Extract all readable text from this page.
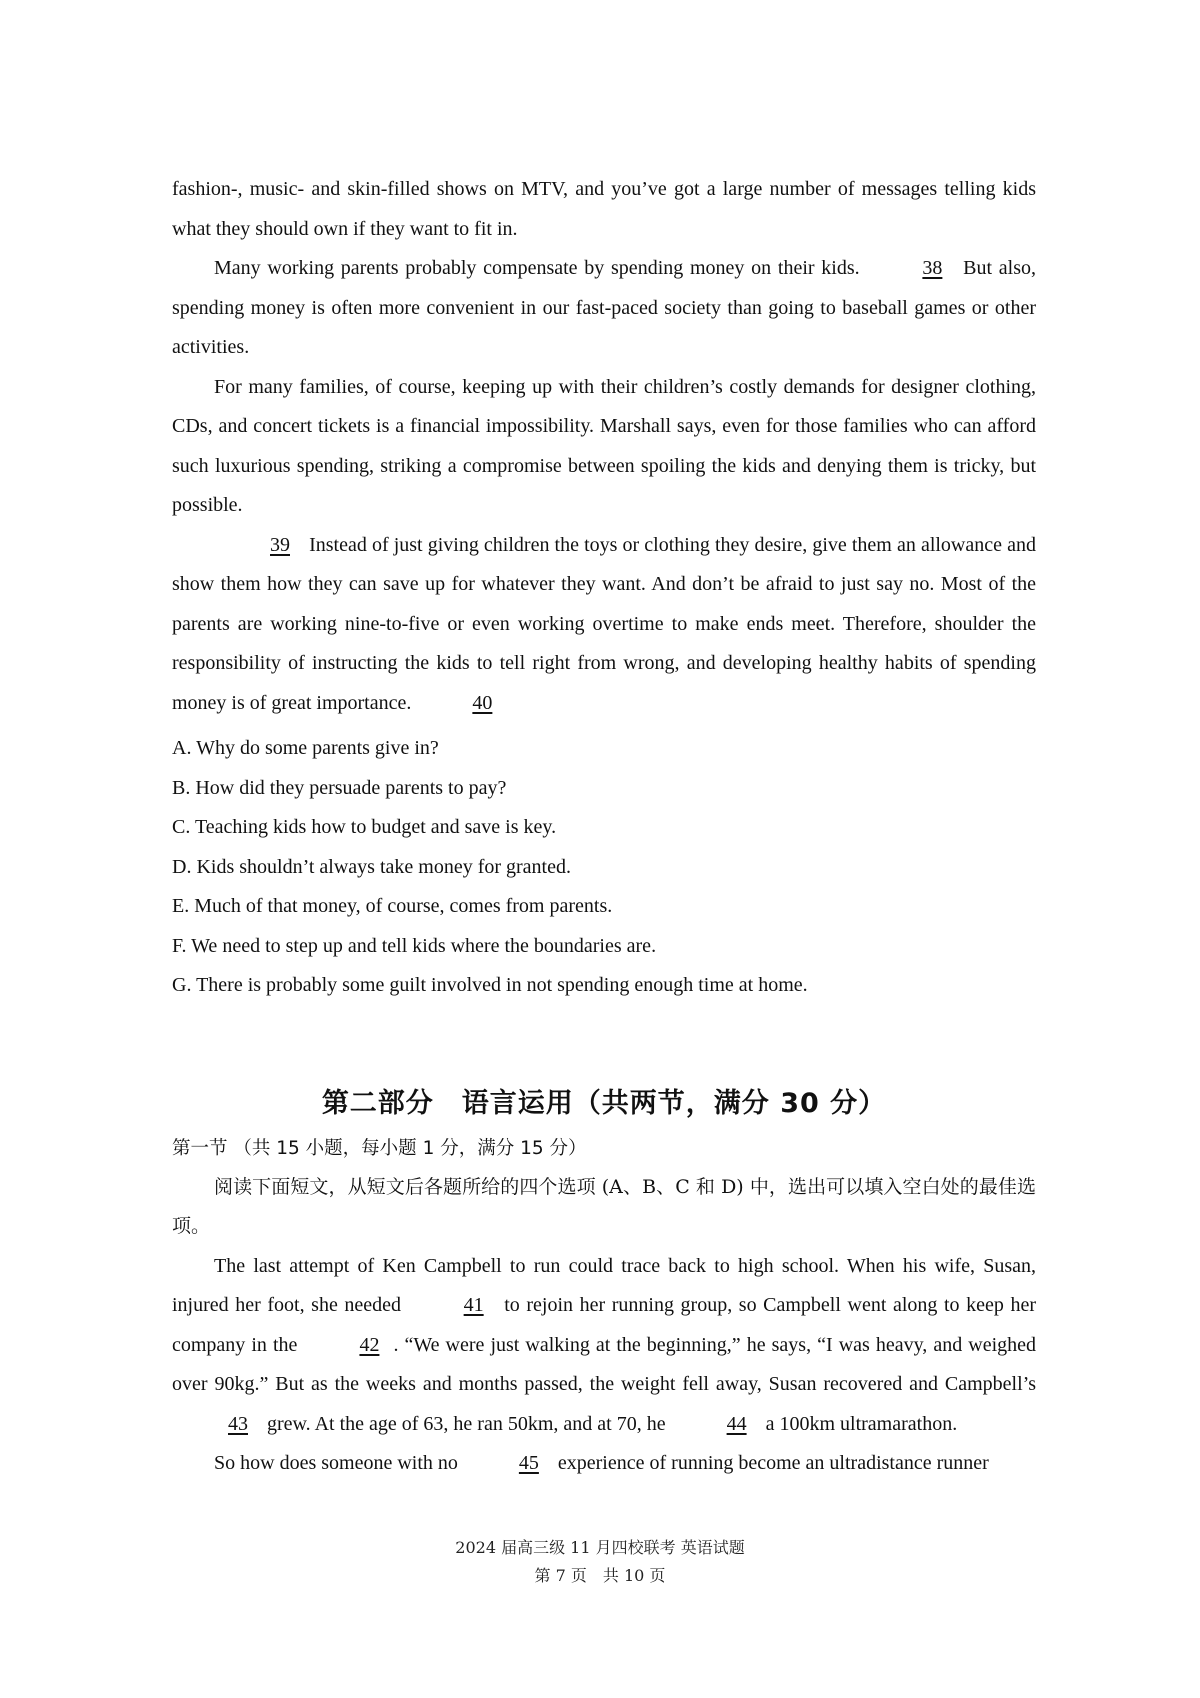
fashion-, music- and skin-filled shows on MTV, and you’ve got a large number of messages telling kids what they should own if they want to fit in.

Many working parents probably compensate by spending money on their kids.	38 But also, spending money is often more convenient in our fast-paced society than going to baseball games or other activities.

For many families, of course, keeping up with their children’s costly demands for designer clothing, CDs, and concert tickets is a financial impossibility. Marshall says, even for those families who can afford such luxurious spending, striking a compromise between spoiling the kids and denying them is tricky, but possible.

39 Instead of just giving children the toys or clothing they desire, give them an allowance and show them how they can save up for whatever they want. And don’t be afraid to just say no. Most of the parents are working nine-to-five or even working overtime to make ends meet. Therefore, shoulder the responsibility of instructing the kids to tell right from wrong, and developing healthy habits of spending money is of great importance.	40

A. Why do some parents give in?

B. How did they persuade parents to pay?

C. Teaching kids how to budget and save is key.

D. Kids shouldn’t always take money for granted.

E. Much of that money, of course, comes from parents.

F. We need to step up and tell kids where the boundaries are.

G. There is probably some guilt involved in not spending enough time at home.

第二部分　语言运用（共两节，满分 30 分）

第一节 （共 15 小题，每小题 1 分，满分 15 分）

阅读下面短文，从短文后各题所给的四个选项 (A、B、C 和 D) 中，选出可以填入空白处的最佳选项。

The last attempt of Ken Campbell to run could trace back to high school. When his wife, Susan, injured her foot, she needed	41 to rejoin her running group, so Campbell went along to keep her company in the	42 . “We were just walking at the beginning,” he says, “I was heavy, and weighed over 90kg.” But as the weeks and months passed, the weight fell away, Susan recovered and Campbell’s 43 grew. At the age of 63, he ran 50km, and at 70, he	44 a 100km ultramarathon.

So how does someone with no	45 experience of running become an ultradistance runner

2024 届高三级 11 月四校联考 英语试题
第 7 页　共 10 页
